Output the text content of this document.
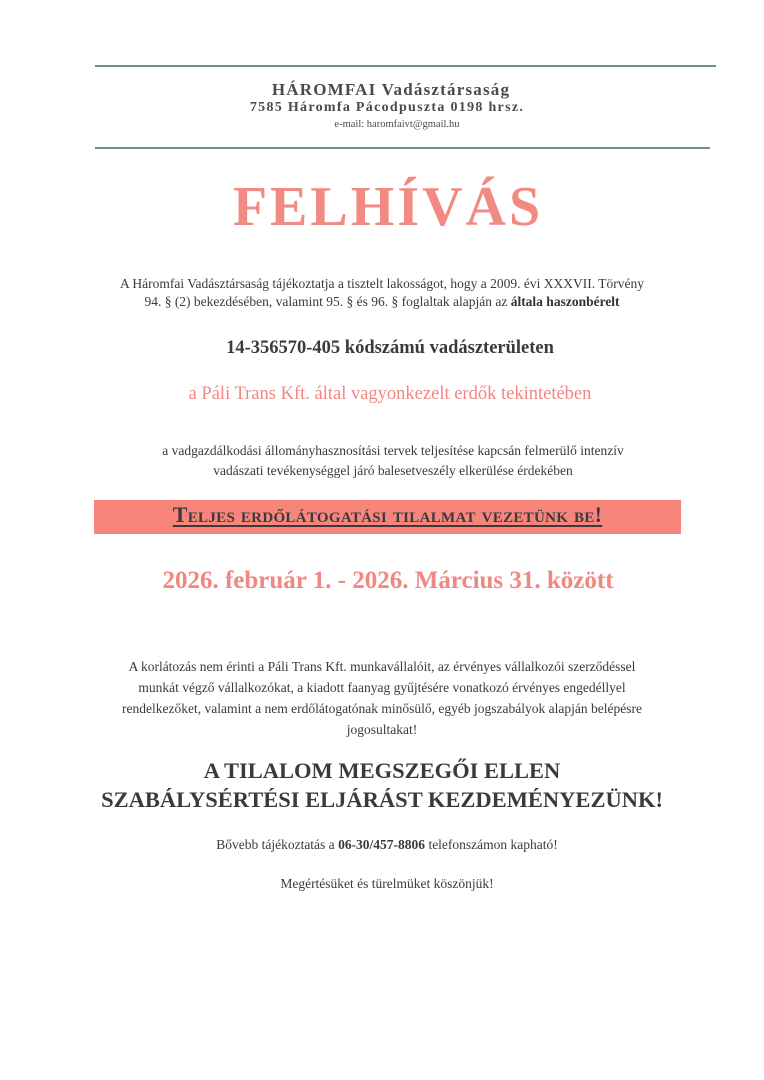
HÁROMFAI Vadásztársaság
7585 Háromfa Pácodpuszta 0198 hrsz.
e-mail: haromfaivt@gmail.hu
FELHÍVÁS
A Háromfai Vadásztársaság tájékoztatja a tisztelt lakosságot, hogy a 2009. évi XXXVII. Törvény
94. § (2) bekezdésében, valamint 95. § és 96. § foglaltak alapján az általa haszonbérelt
14-356570-405 kódszámú vadászterületen
a Páli Trans Kft. által vagyonkezelt erdők tekintetében
a vadgazdálkodási állományhasznosítási tervek teljesítése kapcsán felmerülő intenzív
vadászati tevékenységgel járó balesetveszély elkerülése érdekében
Teljes erdőlátogatási tilalmat vezetünk be!
2026. február 1. - 2026. Március 31. között
A korlátozás nem érinti a Páli Trans Kft. munkavállalóit, az érvényes vállalkozói szerződéssel
munkát végző vállalkozókat, a kiadott faanyag gyűjtésére vonatkozó érvényes engedéllyel
rendelkezőket, valamint a nem erdőlátogatónak minősülő, egyéb jogszabályok alapján belépésre
jogosultakat!
A TILALOM MEGSZEGŐI ELLEN
SZABÁLYSÉRTÉSI ELJÁRÁST KEZDEMÉNYEZÜNK!
Bővebb tájékoztatás a 06-30/457-8806 telefonszámon kapható!
Megértésüket és türelmüket köszönjük!
